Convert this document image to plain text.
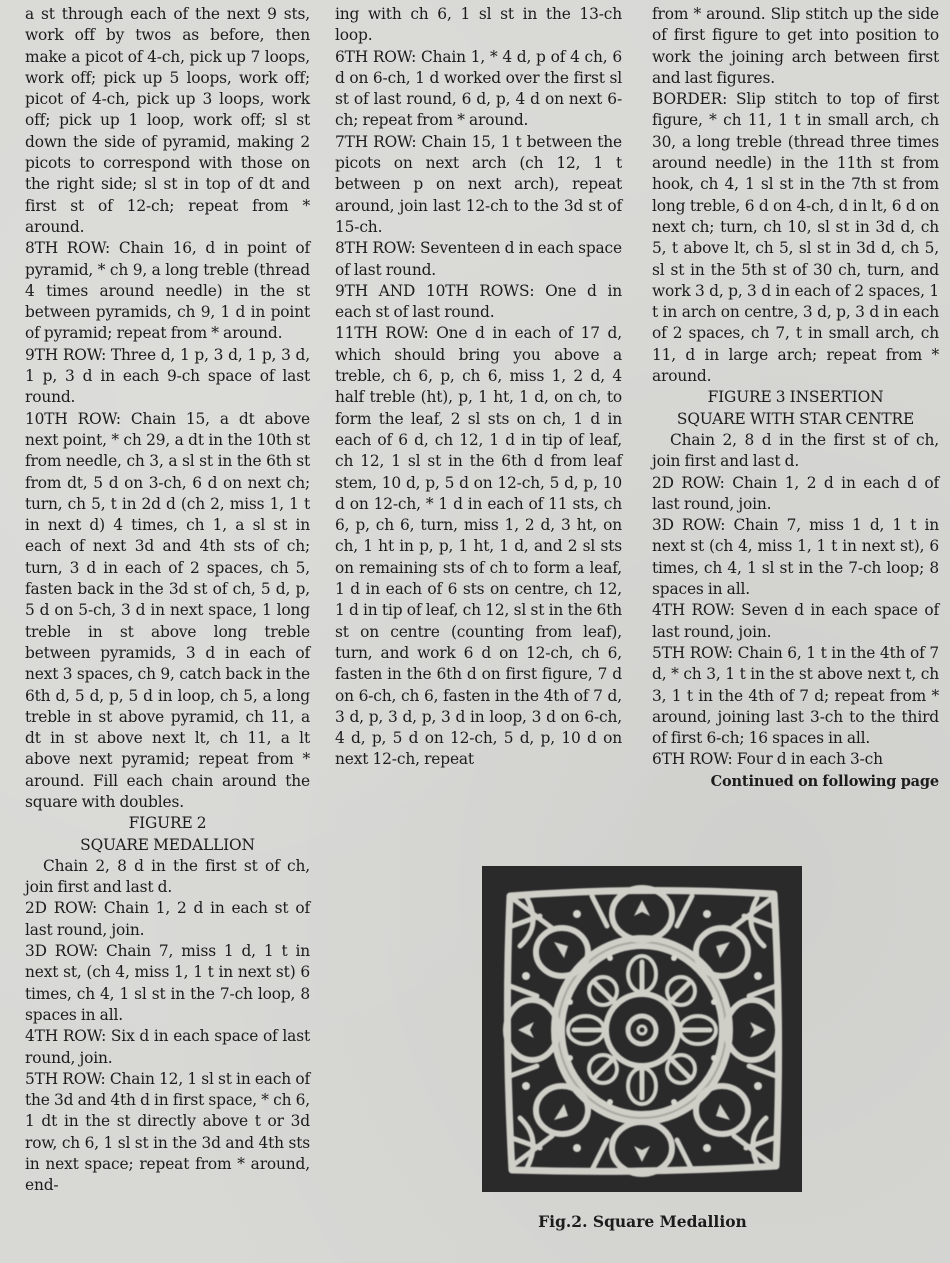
a st through each of the next 9 sts, work off by twos as before, then make a picot of 4-ch, pick up 7 loops, work off; pick up 5 loops, work off; picot of 4-ch, pick up 3 loops, work off; pick up 1 loop, work off; sl st down the side of pyramid, making 2 picots to correspond with those on the right side; sl st in top of dt and first st of 12-ch; repeat from * around.

8TH ROW: Chain 16, d in point of pyramid, * ch 9, a long treble (thread 4 times around needle) in the st between pyramids, ch 9, 1 d in point of pyramid; repeat from * around.

9TH ROW: Three d, 1 p, 3 d, 1 p, 3 d, 1 p, 3 d in each 9-ch space of last round.

10TH ROW: Chain 15, a dt above next point, * ch 29, a dt in the 10th st from needle, ch 3, a sl st in the 6th st from dt, 5 d on 3-ch, 6 d on next ch; turn, ch 5, t in 2d d (ch 2, miss 1, 1 t in next d) 4 times, ch 1, a sl st in each of next 3d and 4th sts of ch; turn, 3 d in each of 2 spaces, ch 5, fasten back in the 3d st of ch, 5 d, p, 5 d on 5-ch, 3 d in next space, 1 long treble in st above long treble between pyramids, 3 d in each of next 3 spaces, ch 9, catch back in the 6th d, 5 d, p, 5 d in loop, ch 5, a long treble in st above pyramid, ch 11, a dt in st above next lt, ch 11, a lt above next pyramid; repeat from * around. Fill each chain around the square with doubles.

FIGURE 2

SQUARE MEDALLION

Chain 2, 8 d in the first st of ch, join first and last d.

2D ROW: Chain 1, 2 d in each st of last round, join.

3D ROW: Chain 7, miss 1 d, 1 t in next st, (ch 4, miss 1, 1 t in next st) 6 times, ch 4, 1 sl st in the 7-ch loop, 8 spaces in all.

4TH ROW: Six d in each space of last round, join.

5TH ROW: Chain 12, 1 sl st in each of the 3d and 4th d in first space, * ch 6, 1 dt in the st directly above t or 3d row, ch 6, 1 sl st in the 3d and 4th sts in next space; repeat from * around, end-

ing with ch 6, 1 sl st in the 13-ch loop.

6TH ROW: Chain 1, * 4 d, p of 4 ch, 6 d on 6-ch, 1 d worked over the first sl st of last round, 6 d, p, 4 d on next 6-ch; repeat from * around.

7TH ROW: Chain 15, 1 t between the picots on next arch (ch 12, 1 t between p on next arch), repeat around, join last 12-ch to the 3d st of 15-ch.

8TH ROW: Seventeen d in each space of last round.

9TH AND 10TH ROWS: One d in each st of last round.

11TH ROW: One d in each of 17 d, which should bring you above a treble, ch 6, p, ch 6, miss 1, 2 d, 4 half treble (ht), p, 1 ht, 1 d, on ch, to form the leaf, 2 sl sts on ch, 1 d in each of 6 d, ch 12, 1 d in tip of leaf, ch 12, 1 sl st in the 6th d from leaf stem, 10 d, p, 5 d on 12-ch, 5 d, p, 10 d on 12-ch, * 1 d in each of 11 sts, ch 6, p, ch 6, turn, miss 1, 2 d, 3 ht, on ch, 1 ht in p, p, 1 ht, 1 d, and 2 sl sts on remaining sts of ch to form a leaf, 1 d in each of 6 sts on centre, ch 12, 1 d in tip of leaf, ch 12, sl st in the 6th st on centre (counting from leaf), turn, and work 6 d on 12-ch, ch 6, fasten in the 6th d on first figure, 7 d on 6-ch, ch 6, fasten in the 4th of 7 d, 3 d, p, 3 d, p, 3 d in loop, 3 d on 6-ch, 4 d, p, 5 d on 12-ch, 5 d, p, 10 d on next 12-ch, repeat

from * around. Slip stitch up the side of first figure to get into position to work the joining arch between first and last figures.

BORDER: Slip stitch to top of first figure, * ch 11, 1 t in small arch, ch 30, a long treble (thread three times around needle) in the 11th st from hook, ch 4, 1 sl st in the 7th st from long treble, 6 d on 4-ch, d in lt, 6 d on next ch; turn, ch 10, sl st in 3d d, ch 5, t above lt, ch 5, sl st in 3d d, ch 5, sl st in the 5th st of 30 ch, turn, and work 3 d, p, 3 d in each of 2 spaces, 1 t in arch on centre, 3 d, p, 3 d in each of 2 spaces, ch 7, t in small arch, ch 11, d in large arch; repeat from * around.

FIGURE 3 INSERTION

SQUARE WITH STAR CENTRE

Chain 2, 8 d in the first st of ch, join first and last d.

2D ROW: Chain 1, 2 d in each d of last round, join.

3D ROW: Chain 7, miss 1 d, 1 t in next st (ch 4, miss 1, 1 t in next st), 6 times, ch 4, 1 sl st in the 7-ch loop; 8 spaces in all.

4TH ROW: Seven d in each space of last round, join.

5TH ROW: Chain 6, 1 t in the 4th of 7 d, * ch 3, 1 t in the st above next t, ch 3, 1 t in the 4th of 7 d; repeat from * around, joining last 3-ch to the third of first 6-ch; 16 spaces in all.

6TH ROW: Four d in each 3-ch

Continued on following page

Fig.2. Square Medallion
